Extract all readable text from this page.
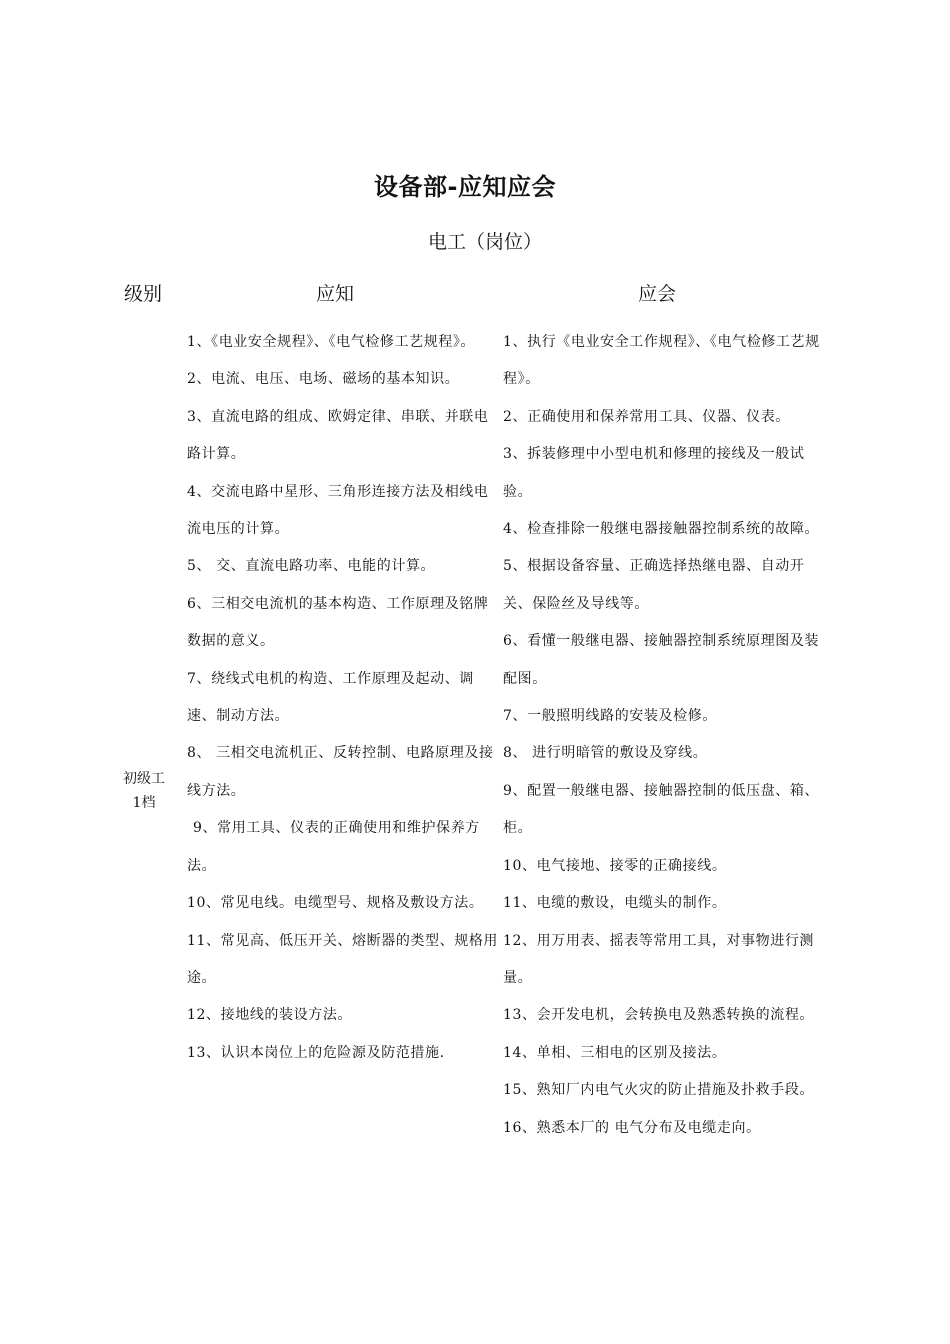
设备部-应知应会
电工（岗位）
级别	应知	应会
初级工
1档

1、《电业安全规程》、《电气检修工艺规程》。

2、电流、电压、电场、磁场的基本知识。

3、直流电路的组成、欧姆定律、串联、并联电路计算。

4、交流电路中星形、三角形连接方法及相线电流电压的计算。

5、 交、直流电路功率、电能的计算。

6、三相交电流机的基本构造、工作原理及铭牌数据的意义。

7、绕线式电机的构造、工作原理及起动、调速、制动方法。

8、 三相交电流机正、反转控制、电路原理及接线方法。

9、常用工具、仪表的正确使用和维护保养方法。

10、常见电线。电缆型号、规格及敷设方法。

11、常见高、低压开关、熔断器的类型、规格用途。

12、接地线的装设方法。

13、认识本岗位上的危险源及防范措施.

1、执行《电业安全工作规程》、《电气检修工艺规程》。

2、正确使用和保养常用工具、仪器、仪表。

3、拆装修理中小型电机和修理的接线及一般试验。

4、检查排除一般继电器接触器控制系统的故障。

5、根据设备容量、正确选择热继电器、自动开关、保险丝及导线等。

6、看懂一般继电器、接触器控制系统原理图及装配图。

7、一般照明线路的安装及检修。

8、 进行明暗管的敷设及穿线。

9、配置一般继电器、接触器控制的低压盘、箱、柜。

10、电气接地、接零的正确接线。

11、电缆的敷设，电缆头的制作。

12、用万用表、摇表等常用工具，对事物进行测量。

13、会开发电机，会转换电及熟悉转换的流程。

14、单相、三相电的区别及接法。

15、熟知厂内电气火灾的防止措施及扑救手段。

16、熟悉本厂的 电气分布及电缆走向。
